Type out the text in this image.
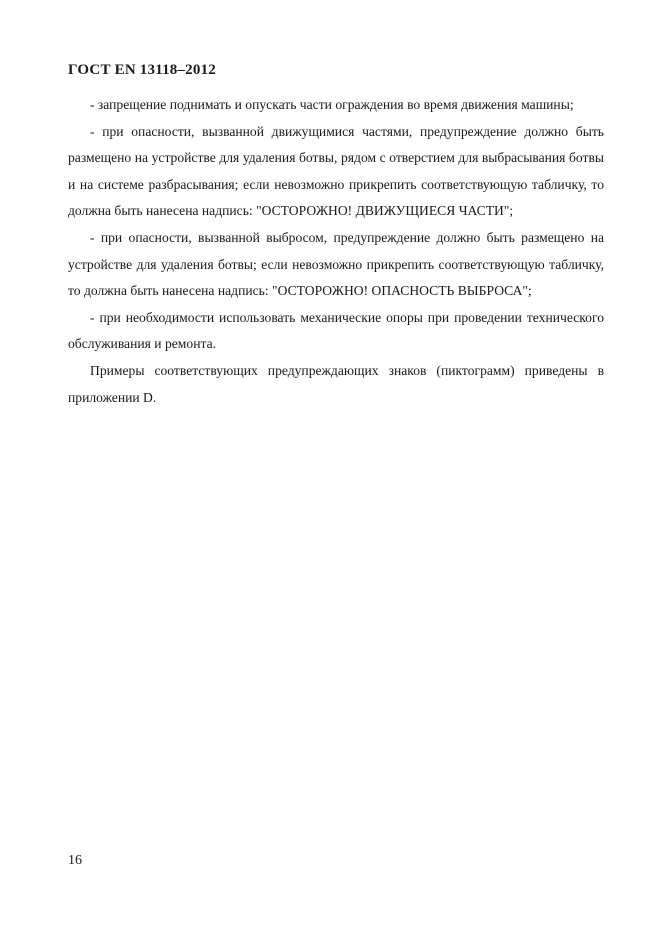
ГОСТ EN 13118–2012

- запрещение поднимать и опускать части ограждения во время движения машины;

- при опасности, вызванной движущимися частями, предупреждение должно быть размещено на устройстве для удаления ботвы, рядом с отверстием для выбрасывания ботвы и на системе разбрасывания; если невозможно прикрепить соответствующую табличку, то должна быть нанесена надпись: "ОСТОРОЖНО! ДВИЖУЩИЕСЯ ЧАСТИ";

- при опасности, вызванной выбросом, предупреждение должно быть размещено на устройстве для удаления ботвы; если невозможно прикрепить соответствующую табличку, то должна быть нанесена надпись: "ОСТОРОЖНО! ОПАСНОСТЬ ВЫБРОСА";

- при необходимости использовать механические опоры при проведении технического обслуживания и ремонта.

Примеры соответствующих предупреждающих знаков (пиктограмм) приведены в приложении D.

16
